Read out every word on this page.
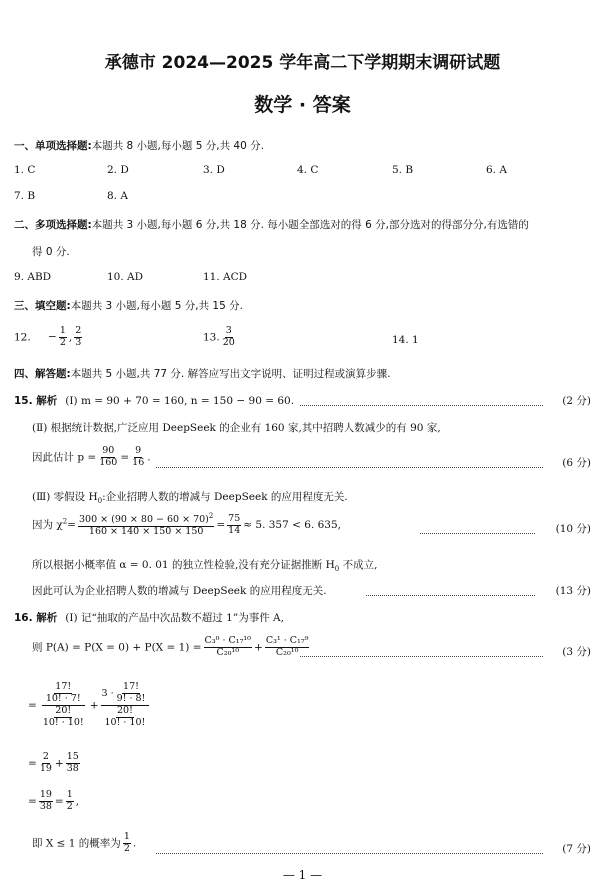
承德市 2024—2025 学年高二下学期期末调研试题
数学 · 答案
一、单项选择题:本题共 8 小题,每小题 5 分,共 40 分.
1. C	2. D	3. D	4. C	5. B	6. A
7. B	8. A
二、多项选择题:本题共 3 小题,每小题 6 分,共 18 分. 每小题全部选对的得 6 分,部分选对的得部分分,有选错的
得 0 分.
9. ABD	10. AD	11. ACD
三、填空题:本题共 3 小题,每小题 5 分,共 15 分.
12. − $\frac{1}{2}$ , $\frac{2}{3}$	13. $\frac{3}{20}$	14. 1
四、解答题:本题共 5 小题,共 77 分. 解答应写出文字说明、证明过程或演算步骤.
15. 解析 (Ⅰ) m = 90 + 70 = 160, n = 150 − 90 = 60.	(2 分)
(Ⅱ) 根据统计数据,广泛应用 DeepSeek 的企业有 160 家,其中招聘人数减少的有 90 家,
因此估计 $p = \frac{90}{160} = \frac{9}{16}$ .	(6 分)
(Ⅲ) 零假设 $H_0$:企业招聘人数的增减与 DeepSeek 的应用程度无关.
因为 $\chi^2= \frac{300 \times (90 \times 80 - 60 \times 70)^2}{160 \times 140 \times 150 \times 150} = \frac{75}{14} \approx 5$. 357 < 6. 635,	(10 分)
所以根据小概率值 α = 0. 01 的独立性检验,没有充分证据推断 $H_0$ 不成立,
因此可认为企业招聘人数的增减与 DeepSeek 的应用程度无关.	(13 分)
16. 解析 (Ⅰ) 记“抽取的产品中次品数不超过 1”为事件 A,
则 $P(A) = P(X = 0) + P(X = 1) = \frac{\text{C₃⁰ · C₁₇¹⁰}}{\text{C₂₀¹⁰}} + \frac{\text{C₃¹ · C₁₇⁹}}{\text{C₂₀¹⁰}}$	(3 分)
= $\frac{\frac{17!}{10! \cdot 7!}}{\frac{20!}{10! \cdot 10!}} + \frac{3 \cdot \frac{17!}{9! \cdot 8!}}{\frac{20!}{10! \cdot 10!}}$
= $\frac{2}{19} + \frac{15}{38}$
= $\frac{19}{38} = \frac{1}{2}$ ,
即 X ≤ 1 的概率为 $\frac{1}{2}$ .	(7 分)
— 1 —
